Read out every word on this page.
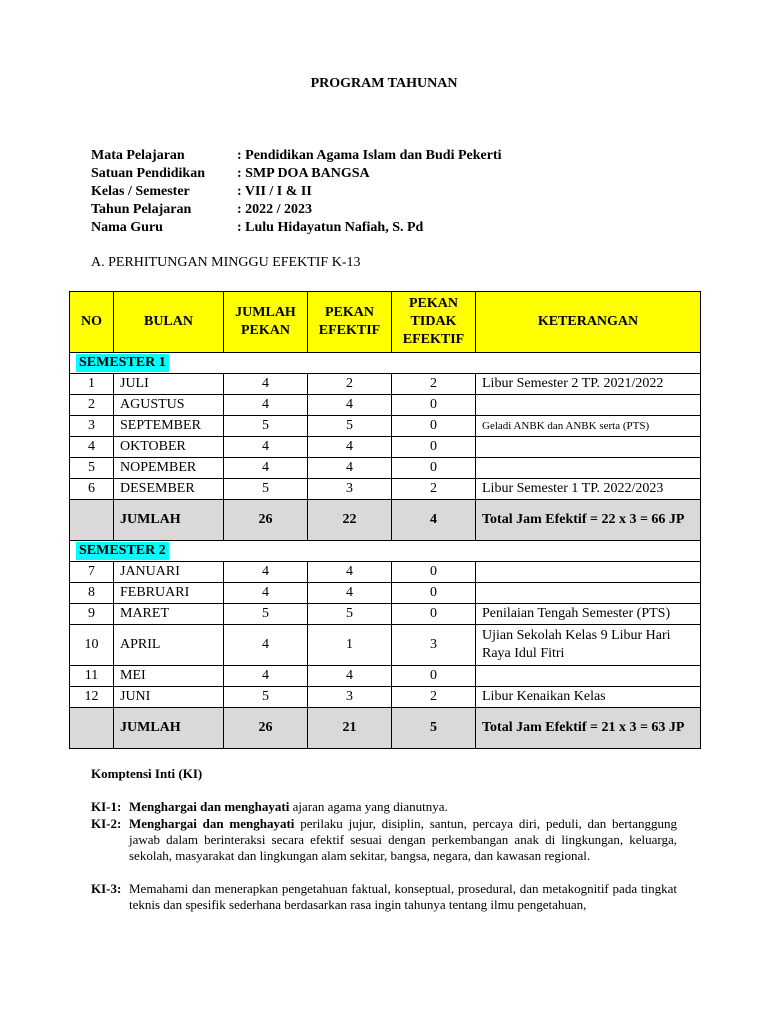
PROGRAM TAHUNAN
Mata Pelajaran	: Pendidikan Agama Islam dan Budi Pekerti
Satuan Pendidikan : SMP DOA BANGSA
Kelas / Semester	: VII / I & II
Tahun Pelajaran	: 2022 / 2023
Nama Guru	: Lulu Hidayatun Nafiah, S. Pd
A. PERHITUNGAN MINGGU EFEKTIF K-13
NO	BULAN	JUMLAH PEKAN	PEKAN EFEKTIF	PEKAN TIDAK EFEKTIF	KETERANGAN
SEMESTER 1					
1	JULI	4	2	2	Libur Semester 2 TP. 2021/2022
2	AGUSTUS	4	4	0	
3	SEPTEMBER	5	5	0	Geladi ANBK dan ANBK serta (PTS)
4	OKTOBER	4	4	0	
5	NOPEMBER	4	4	0	
6	DESEMBER	5	3	2	Libur Semester 1 TP. 2022/2023
	JUMLAH	26	22	4	Total Jam Efektif = 22 x 3 = 66 JP
SEMESTER 2					
7	JANUARI	4	4	0	
8	FEBRUARI	4	4	0	
9	MARET	5	5	0	Penilaian Tengah Semester (PTS)
10	APRIL	4	1	3	Ujian Sekolah Kelas 9 Libur Hari Raya Idul Fitri
11	MEI	4	4	0	
12	JUNI	5	3	2	Libur Kenaikan Kelas
	JUMLAH	26	21	5	Total Jam Efektif = 21 x 3 = 63 JP
Komptensi Inti (KI)
KI-1: Menghargai dan menghayati ajaran agama yang dianutnya.
KI-2: Menghargai dan menghayati perilaku jujur, disiplin, santun, percaya diri, peduli, dan bertanggung jawab dalam berinteraksi secara efektif sesuai dengan perkembangan anak di lingkungan, keluarga, sekolah, masyarakat dan lingkungan alam sekitar, bangsa, negara, dan kawasan regional.
KI-3: Memahami dan menerapkan pengetahuan faktual, konseptual, prosedural, dan metakognitif pada tingkat teknis dan spesifik sederhana berdasarkan rasa ingin tahunya tentang ilmu pengetahuan,
